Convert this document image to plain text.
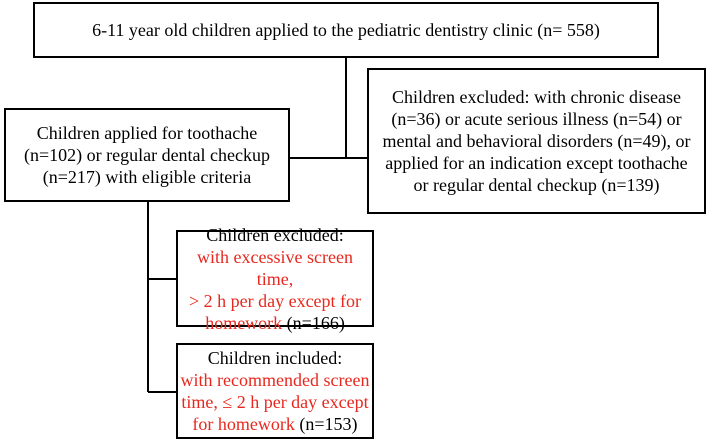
6-11 year old children applied to the pediatric dentistry clinic (n= 558)
Children applied for toothache
(n=102) or regular dental checkup
(n=217) with eligible criteria
Children excluded: with chronic disease
(n=36) or acute serious illness (n=54) or
mental and behavioral disorders (n=49), or
applied for an indication except toothache
or regular dental checkup (n=139)
Children excluded:
with excessive screen time,
> 2 h per day except for
homework (n=166)
Children included:
with recommended screen
time, ≤ 2 h per day except
for homework (n=153)
